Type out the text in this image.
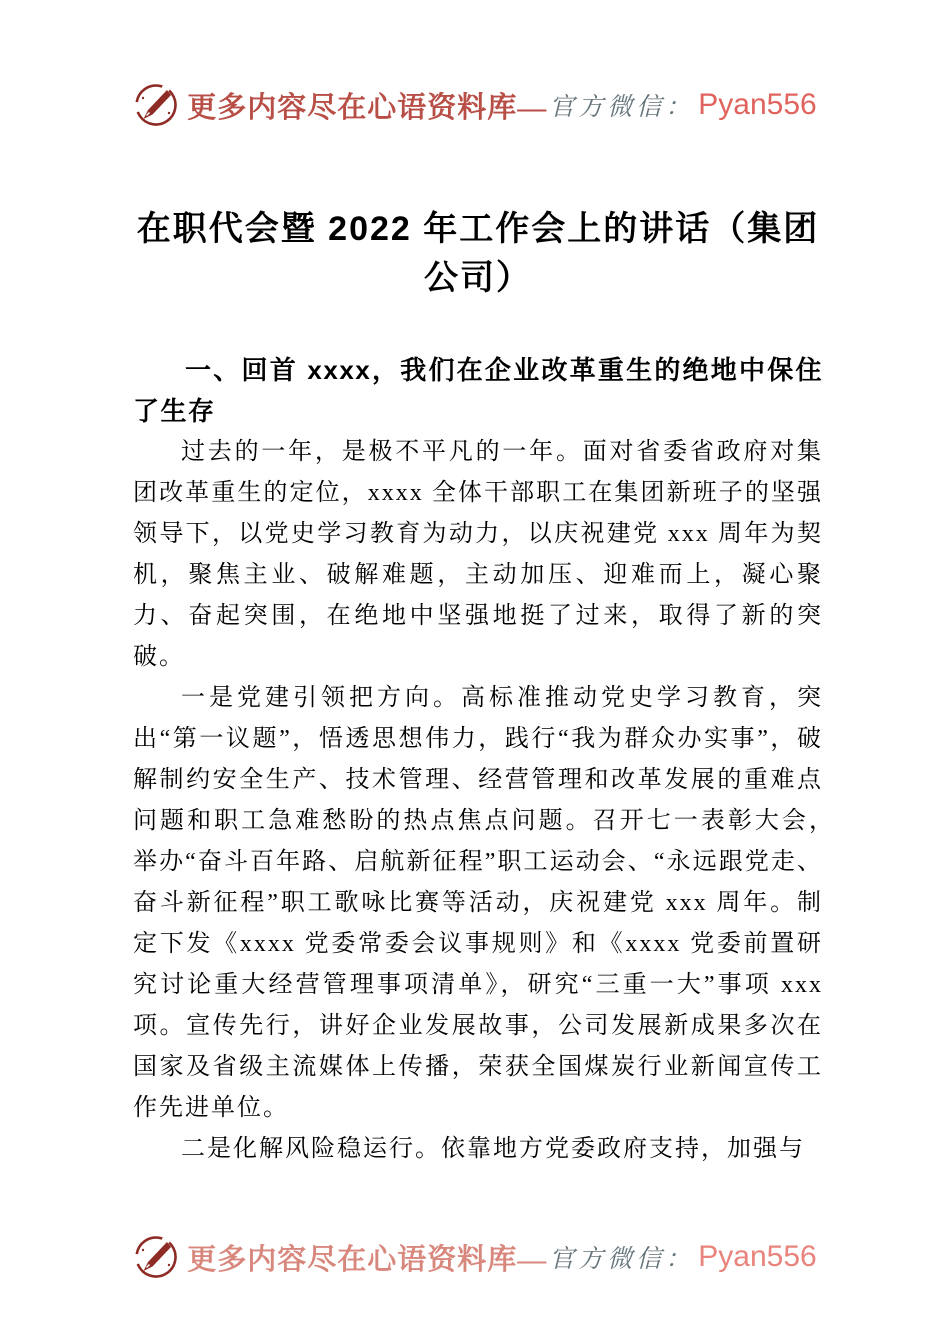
更多内容尽在心语资料库— 官方微信： Pyan556
在职代会暨 2022 年工作会上的讲话（集团公司）
一、回首 xxxx，我们在企业改革重生的绝地中保住了生存

过去的一年，是极不平凡的一年。面对省委省政府对集团改革重生的定位，xxxx 全体干部职工在集团新班子的坚强领导下，以党史学习教育为动力，以庆祝建党 xxx 周年为契机，聚焦主业、破解难题，主动加压、迎难而上，凝心聚力、奋起突围，在绝地中坚强地挺了过来，取得了新的突破。

一是党建引领把方向。高标准推动党史学习教育，突出“第一议题”，悟透思想伟力，践行“我为群众办实事”，破解制约安全生产、技术管理、经营管理和改革发展的重难点问题和职工急难愁盼的热点焦点问题。召开七一表彰大会，　举办“奋斗百年路、启航新征程”职工运动会、“永远跟党走、奋斗新征程”职工歌咏比赛等活动，庆祝建党 xxx 周年。制定下发《xxxx 党委常委会议事规则》和《xxxx 党委前置研究讨论重大经营管理事项清单》，研究“三重一大”事项 xxx 项。宣传先行，讲好企业发展故事，公司发展新成果多次在国家及省级主流媒体上传播，荣获全国煤炭行业新闻宣传工作先进单位。

二是化解风险稳运行。依靠地方党委政府支持，加强与

更多内容尽在心语资料库— 官方微信： Pyan556
